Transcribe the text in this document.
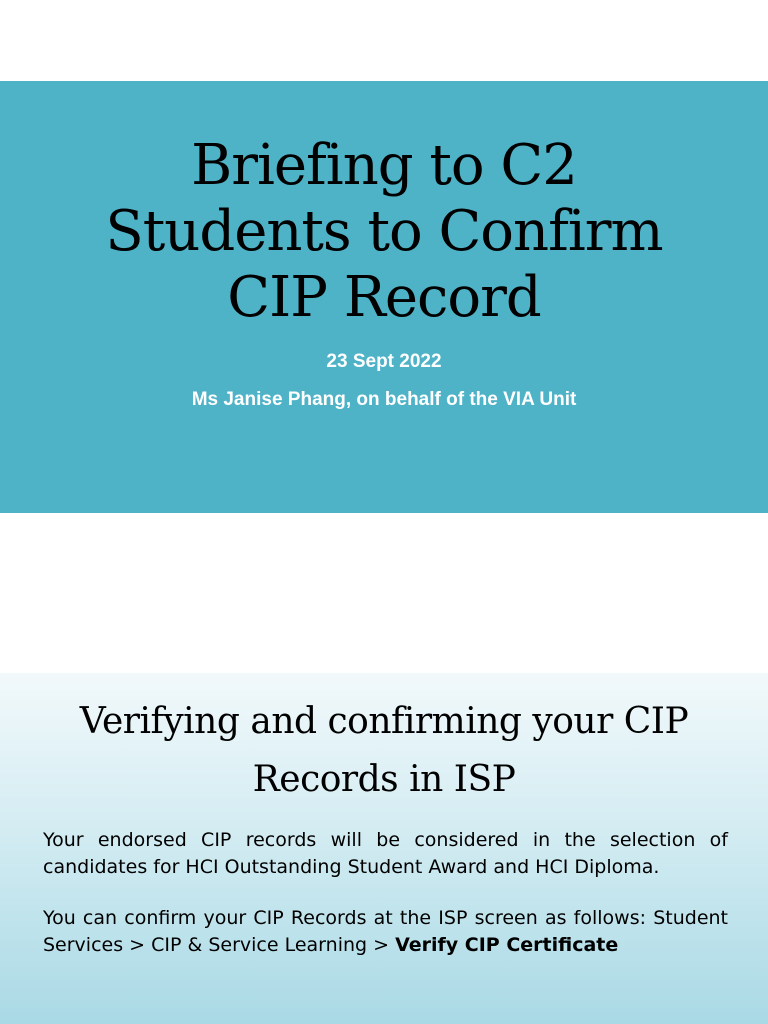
Briefing to C2
Students to Confirm
CIP Record
23 Sept 2022
Ms Janise Phang, on behalf of the VIA Unit
Verifying and confirming your CIP
Records in ISP

Your endorsed CIP records will be considered in the selection of candidates for HCI Outstanding Student Award and HCI Diploma.

You can confirm your CIP Records at the ISP screen as follows: Student Services > CIP & Service Learning > Verify CIP Certificate
